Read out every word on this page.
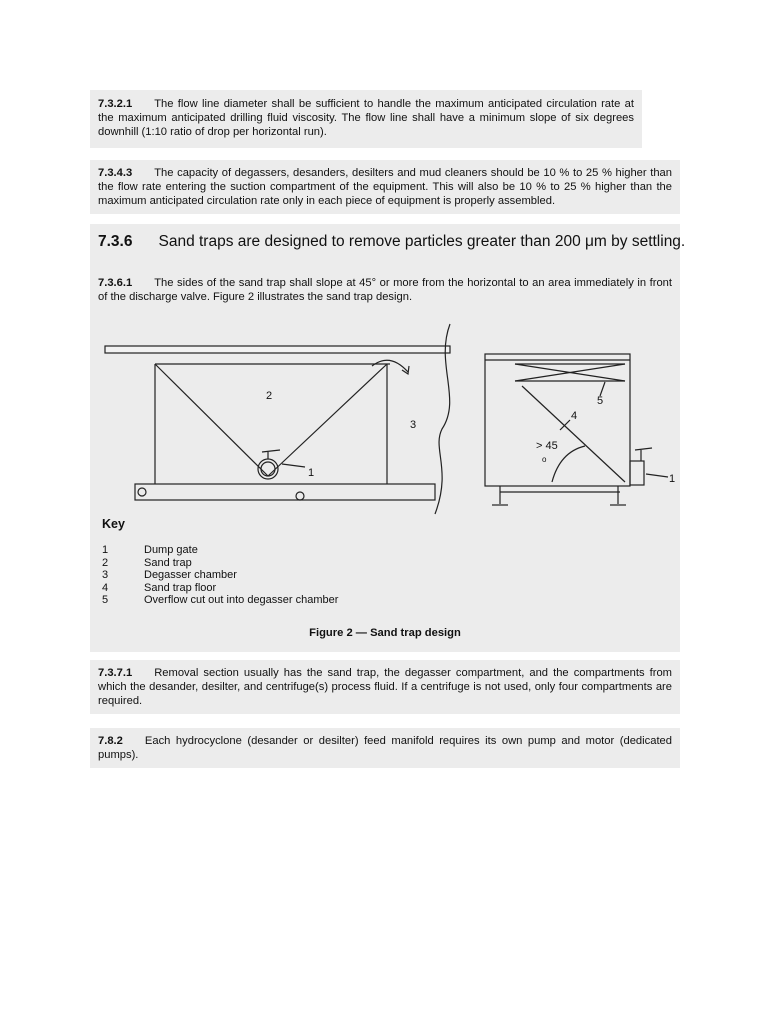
7.3.2.1 The flow line diameter shall be sufficient to handle the maximum anticipated circulation rate at the maximum anticipated drilling fluid viscosity. The flow line shall have a minimum slope of six degrees downhill (1:10 ratio of drop per horizontal run).

7.3.4.3 The capacity of degassers, desanders, desilters and mud cleaners should be 10 % to 25 % higher than the flow rate entering the suction compartment of the equipment. This will also be 10 % to 25 % higher than the maximum anticipated circulation rate only in each piece of equipment is properly assembled.

7.3.6 Sand traps are designed to remove particles greater than 200 μm by settling.

7.3.6.1 The sides of the sand trap shall slope at 45° or more from the horizontal to an area immediately in front of the discharge valve. Figure 2 illustrates the sand trap design.

2
3
1
5
4
> 45
o
1
Key
1	Dump gate
2	Sand trap
3	Degasser chamber
4	Sand trap floor
5	Overflow cut out into degasser chamber
Figure 2 — Sand trap design

7.3.7.1 Removal section usually has the sand trap, the degasser compartment, and the compartments from which the desander, desilter, and centrifuge(s) process fluid. If a centrifuge is not used, only four compartments are required.

7.8.2 Each hydrocyclone (desander or desilter) feed manifold requires its own pump and motor (dedicated pumps).
